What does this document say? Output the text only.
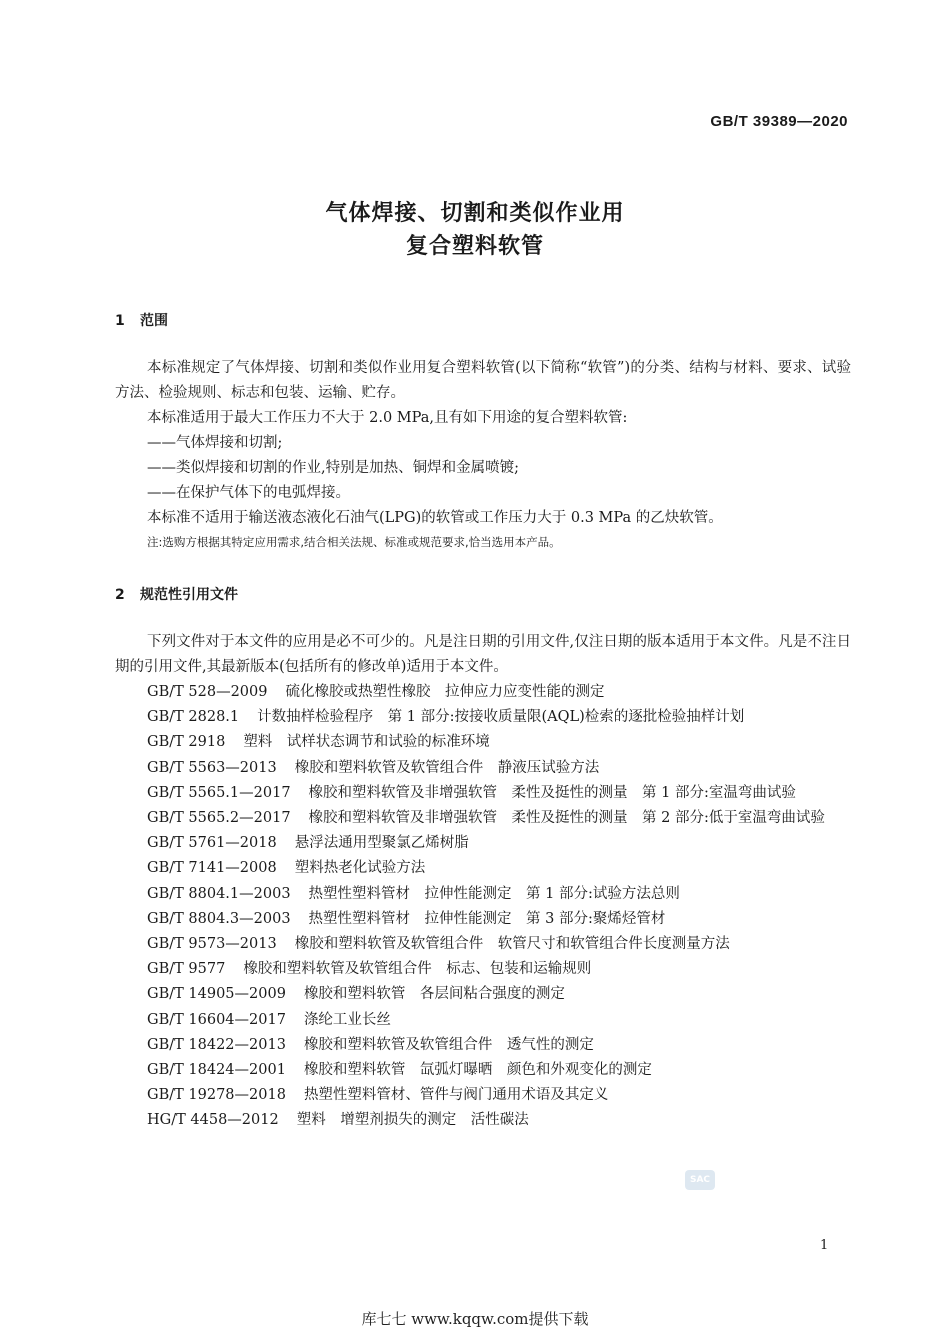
GB/T 39389—2020
气体焊接、切割和类似作业用
复合塑料软管
1 范围

本标准规定了气体焊接、切割和类似作业用复合塑料软管(以下简称“软管”)的分类、结构与材料、要求、试验方法、检验规则、标志和包装、运输、贮存。

本标准适用于最大工作压力不大于 2.0 MPa,且有如下用途的复合塑料软管:

——气体焊接和切割;

——类似焊接和切割的作业,特别是加热、铜焊和金属喷镀;

——在保护气体下的电弧焊接。

本标准不适用于输送液态液化石油气(LPG)的软管或工作压力大于 0.3 MPa 的乙炔软管。

注:选购方根据其特定应用需求,结合相关法规、标准或规范要求,恰当选用本产品。

2 规范性引用文件

下列文件对于本文件的应用是必不可少的。凡是注日期的引用文件,仅注日期的版本适用于本文件。凡是不注日期的引用文件,其最新版本(包括所有的修改单)适用于本文件。

GB/T 528—2009 硫化橡胶或热塑性橡胶　拉伸应力应变性能的测定

GB/T 2828.1 计数抽样检验程序　第 1 部分:按接收质量限(AQL)检索的逐批检验抽样计划

GB/T 2918 塑料　试样状态调节和试验的标准环境

GB/T 5563—2013 橡胶和塑料软管及软管组合件　静液压试验方法

GB/T 5565.1—2017 橡胶和塑料软管及非增强软管　柔性及挺性的测量　第 1 部分:室温弯曲试验

GB/T 5565.2—2017 橡胶和塑料软管及非增强软管　柔性及挺性的测量　第 2 部分:低于室温弯曲试验

GB/T 5761—2018 悬浮法通用型聚氯乙烯树脂

GB/T 7141—2008 塑料热老化试验方法

GB/T 8804.1—2003 热塑性塑料管材　拉伸性能测定　第 1 部分:试验方法总则

GB/T 8804.3—2003 热塑性塑料管材　拉伸性能测定　第 3 部分:聚烯烃管材

GB/T 9573—2013 橡胶和塑料软管及软管组合件　软管尺寸和软管组合件长度测量方法

GB/T 9577 橡胶和塑料软管及软管组合件　标志、包装和运输规则

GB/T 14905—2009 橡胶和塑料软管　各层间粘合强度的测定

GB/T 16604—2017 涤纶工业长丝

GB/T 18422—2013 橡胶和塑料软管及软管组合件　透气性的测定

GB/T 18424—2001 橡胶和塑料软管　氙弧灯曝晒　颜色和外观变化的测定

GB/T 19278—2018 热塑性塑料管材、管件与阀门通用术语及其定义

HG/T 4458—2012 塑料　增塑剂损失的测定　活性碳法

SAC
1
库七七 www.kqqw.com提供下载
